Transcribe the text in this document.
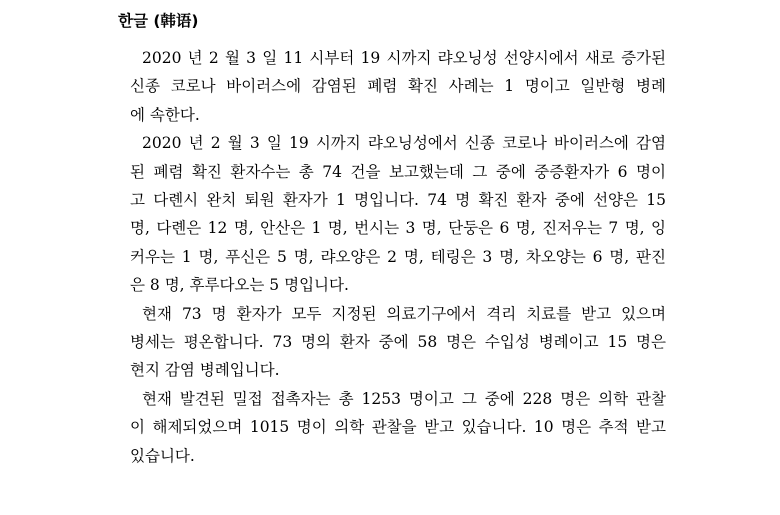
한글 (韩语)
2020 년 2 월 3 일 11 시부터 19 시까지 랴오닝성 선양시에서 새로 증가된
신종 코로나 바이러스에 감염된 폐렴 확진 사례는 1 명이고 일반형 병례
에 속한다.
2020 년 2 월 3 일 19 시까지 랴오닝성에서 신종 코로나 바이러스에 감염
된 폐렴 확진 환자수는 총 74 건을 보고했는데 그 중에 중증환자가 6 명이
고 다롄시 완치 퇴원 환자가 1 명입니다. 74 명 확진 환자 중에 선양은 15
명, 다롄은 12 명, 안산은 1 명, 번시는 3 명, 단둥은 6 명, 진저우는 7 명, 잉
커우는 1 명, 푸신은 5 명, 랴오양은 2 명, 테링은 3 명, 차오양는 6 명, 판진
은 8 명, 후루다오는 5 명입니다.
현재 73 명 환자가 모두 지정된 의료기구에서 격리 치료를 받고 있으며
병세는 평온합니다. 73 명의 환자 중에 58 명은 수입성 병례이고 15 명은
현지 감염 병례입니다.
현재 발견된 밀접 접촉자는 총 1253 명이고 그 중에 228 명은 의학 관찰
이 해제되었으며 1015 명이 의학 관찰을 받고 있습니다. 10 명은 추적 받고
있습니다.
